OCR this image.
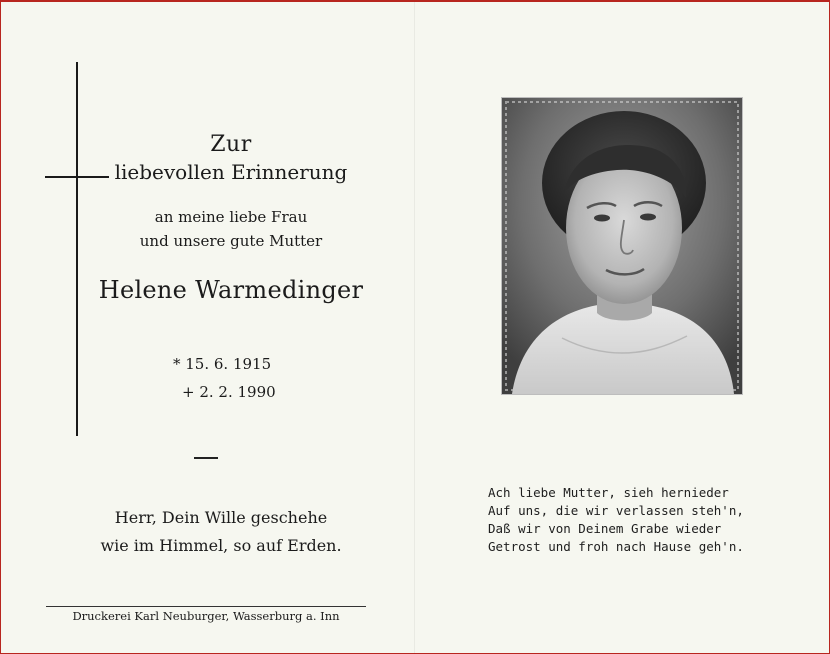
Zur
liebevollen Erinnerung
an meine liebe Frau
und unsere gute Mutter
Helene Warmedinger
* 15. 6. 1915
+ 2. 2. 1990
Herr, Dein Wille geschehe
wie im Himmel, so auf Erden.
Druckerei Karl Neuburger, Wasserburg a. Inn
Ach liebe Mutter, sieh hernieder
Auf uns, die wir verlassen steh'n,
Daß wir von Deinem Grabe wieder
Getrost und froh nach Hause geh'n.
